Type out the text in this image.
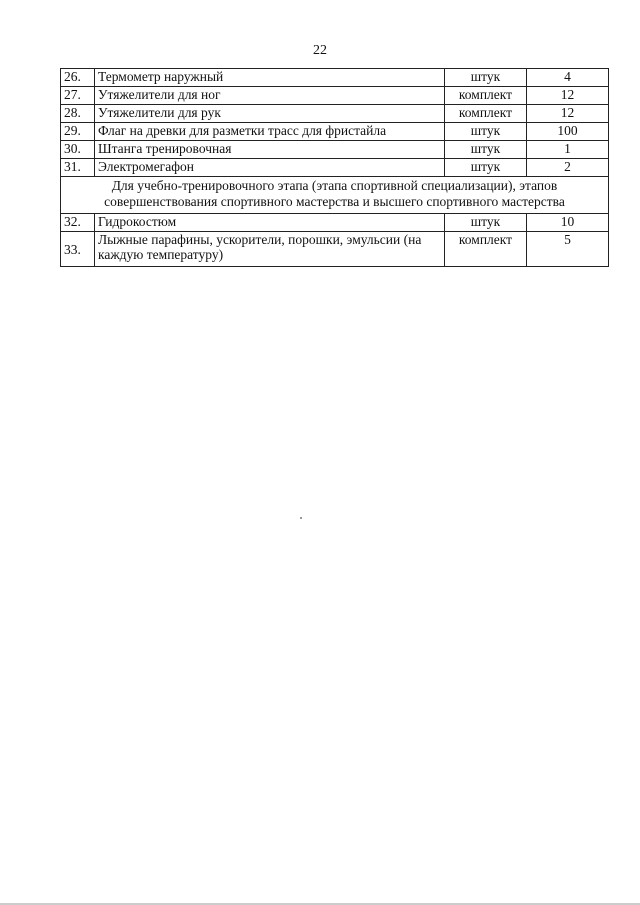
22
26.	Термометр наружный	штук	4
27.	Утяжелители для ног	комплект	12
28.	Утяжелители для рук	комплект	12
29.	Флаг на древки для разметки трасс для фристайла	штук	100
30.	Штанга тренировочная	штук	1
31.	Электромегафон	штук	2
Для учебно-тренировочного этапа (этапа спортивной специализации), этапов совершенствования спортивного мастерства и высшего спортивного мастерства			
32.	Гидрокостюм	штук	10
33.	Лыжные парафины, ускорители, порошки, эмульсии (на каждую температуру)	комплект	5
